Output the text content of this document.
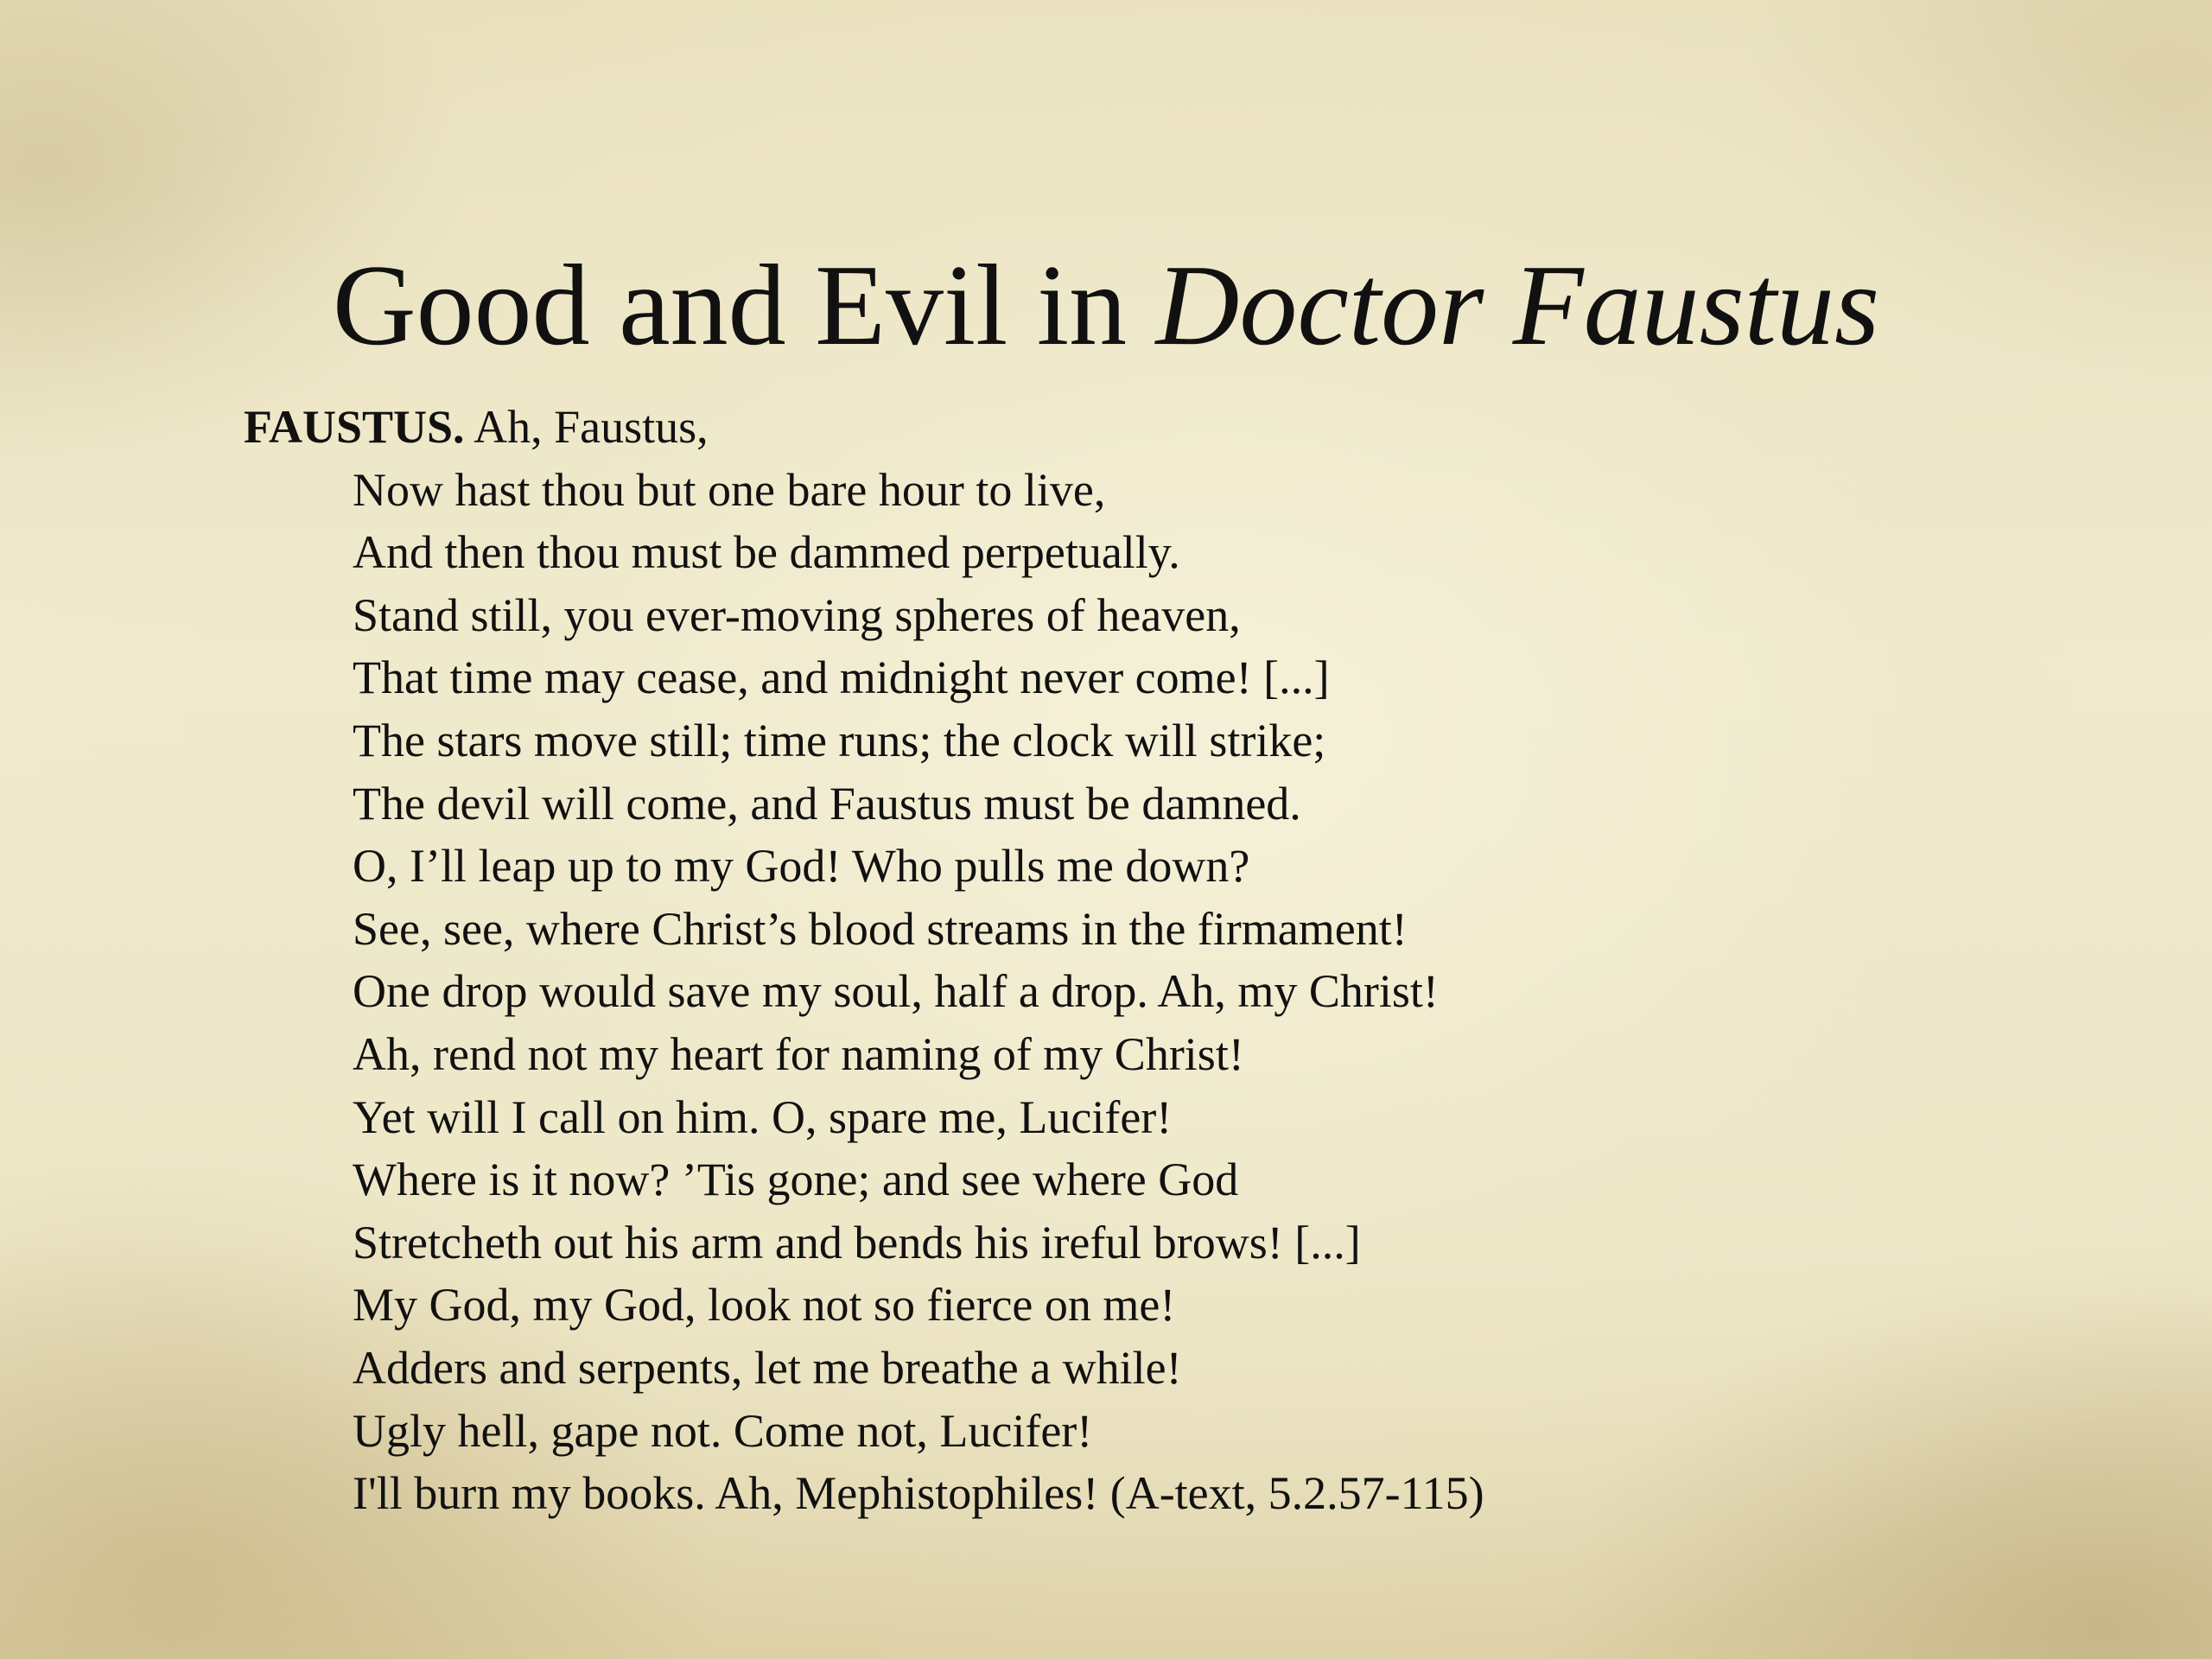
Good and Evil in Doctor Faustus
FAUSTUS. Ah, Faustus,
Now hast thou but one bare hour to live,
And then thou must be dammed perpetually.
Stand still, you ever-moving spheres of heaven,
That time may cease, and midnight never come! [...]
The stars move still; time runs; the clock will strike;
The devil will come, and Faustus must be damned.
O, I’ll leap up to my God! Who pulls me down?
See, see, where Christ’s blood streams in the firmament!
One drop would save my soul, half a drop. Ah, my Christ!
Ah, rend not my heart for naming of my Christ!
Yet will I call on him. O, spare me, Lucifer!
Where is it now? ’Tis gone; and see where God
Stretcheth out his arm and bends his ireful brows! [...]
My God, my God, look not so fierce on me!
Adders and serpents, let me breathe a while!
Ugly hell, gape not. Come not, Lucifer!
I'll burn my books. Ah, Mephistophiles! (A-text, 5.2.57-115)
